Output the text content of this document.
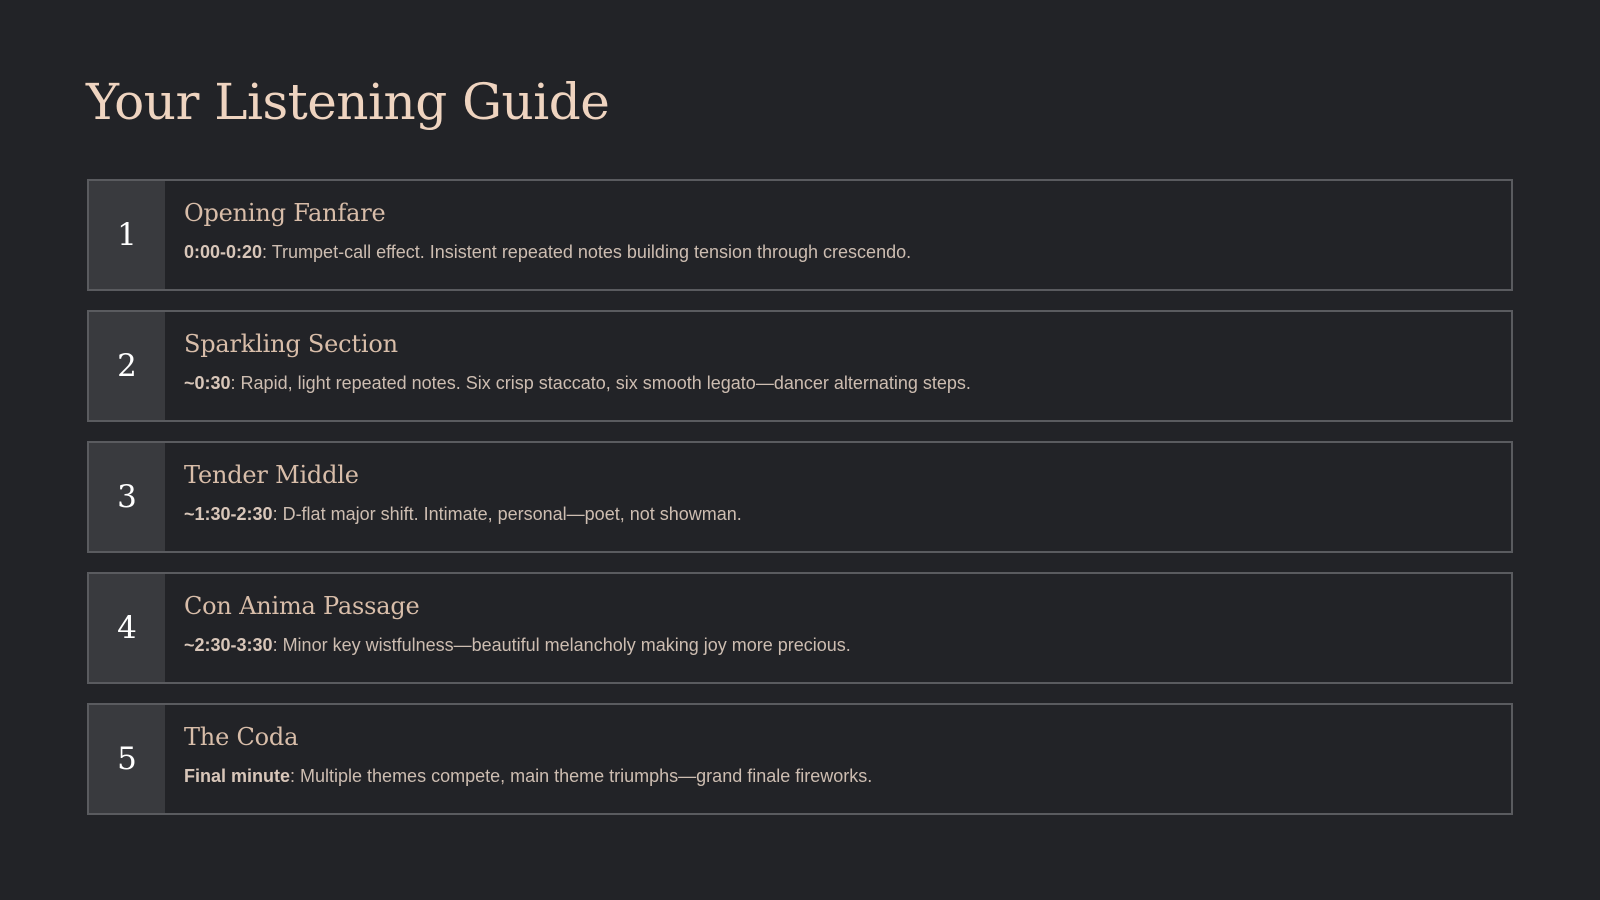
Your Listening Guide
1
Opening Fanfare
0:00-0:20: Trumpet-call effect. Insistent repeated notes building tension through crescendo.
2
Sparkling Section
~0:30: Rapid, light repeated notes. Six crisp staccato, six smooth legato—dancer alternating steps.
3
Tender Middle
~1:30-2:30: D-flat major shift. Intimate, personal—poet, not showman.
4
Con Anima Passage
~2:30-3:30: Minor key wistfulness—beautiful melancholy making joy more precious.
5
The Coda
Final minute: Multiple themes compete, main theme triumphs—grand finale fireworks.
